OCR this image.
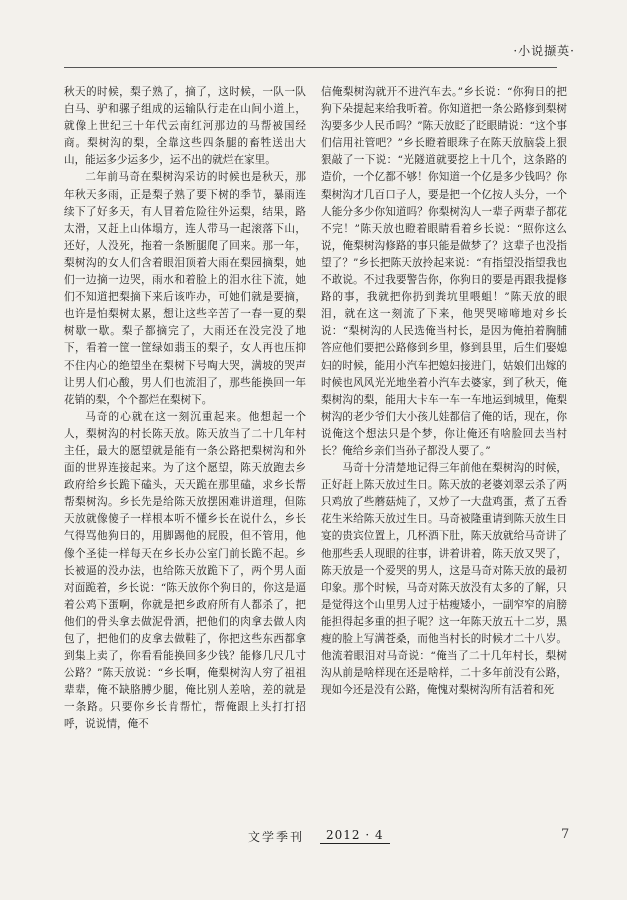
·小说撷英·

秋天的时候，梨子熟了，摘了，这时候，一队一队白马、驴和骡子组成的运输队行走在山间小道上，就像上世纪三十年代云南红河那边的马帮被国经商。梨树沟的梨，全靠这些四条腿的畜牲送出大山，能运多少运多少，运不出的就烂在家里。

二年前马奇在梨树沟采访的时候也是秋天，那年秋天多雨，正是梨子熟了要下树的季节，暴雨连续下了好多天，有人冒着危险往外运梨，结果，路太滑，又赶上山体塌方，连人带马一起滚落下山，还好，人没死，拖着一条断腿爬了回来。那一年，梨树沟的女人们含着眼泪顶着大雨在梨园摘梨，她们一边摘一边哭，雨水和着脸上的泪水往下流，她们不知道把梨摘下来后该咋办，可她们就是要摘，也许是怕梨树太累，想让这些辛苦了一春一夏的梨树歇一歇。梨子都摘完了，大雨还在没完没了地下，看着一筐一筐绿如翡玉的梨子，女人再也压抑不住内心的绝望坐在梨树下号啕大哭，满坡的哭声让男人们心酸，男人们也流泪了，那些能换回一年花销的梨，个个都烂在梨树下。

马奇的心就在这一刻沉重起来。他想起一个人，梨树沟的村长陈天放。陈天放当了二十几年村主任，最大的愿望就是能有一条公路把梨树沟和外面的世界连接起来。为了这个愿望，陈天放跑去乡政府给乡长跪下磕头，天天跪在那里磕，求乡长帮帮梨树沟。乡长先是给陈天放摆困难讲道理，但陈天放就像傻子一样根本听不懂乡长在说什么，乡长气得骂他狗日的，用脚踢他的屁股，但不管用，他像个圣徒一样每天在乡长办公室门前长跪不起。乡长被逼的没办法，也给陈天放跪下了，两个男人面对面跪着，乡长说：“陈天放你个狗日的，你这是逼着公鸡下蛋啊，你就是把乡政府所有人都杀了，把他们的骨头拿去做泥骨洒，把他们的肉拿去做人肉包了，把他们的皮拿去做鞋了，你把这些东西都拿到集上卖了，你看看能换回多少钱？能修几尺几寸公路？”陈天放说：“乡长啊，俺梨树沟人穷了祖祖辈辈，俺不缺胳膊少腿，俺比别人差啥，差的就是一条路。只要你乡长肯帮忙，帮俺跟上头打打招呼，说说情，俺不

信俺梨树沟就开不进汽车去。”乡长说：“你狗日的把狗下朵提起来给我听着。你知道把一条公路修到梨树沟要多少人民币吗？”陈天放眨了眨眼睛说：“这个事们信用社管吧？”乡长瞪着眼珠子在陈天放脑袋上狠狠敲了一下说：“光隧道就要挖上十几个，这条路的造价，一个亿都不够！你知道一个亿是多少钱吗？你梨树沟才几百口子人，要是把一个亿按人头分，一个人能分多少你知道吗？你梨树沟人一辈子两辈子都花不完！”陈天放也瞪着眼睛看着乡长说：“照你这么说，俺梨树沟修路的事只能是做梦了？这辈子也没指望了？”乡长把陈天放拎起来说：“有指望没指望我也不敢说。不过我要警告你，你狗日的要是再跟我提修路的事，我就把你扔到粪坑里喂蛆！”陈天放的眼泪，就在这一刻流了下来，他哭哭啼啼地对乡长说：“梨树沟的人民选俺当村长，是因为俺拍着胸脯答应他们要把公路修到乡里，修到县里，后生们娶媳妇的时候，能用小汽车把媳妇接进门，姑娘们出嫁的时候也风风光光地坐着小汽车去婆家，到了秋天，俺梨树沟的梨，能用大卡车一车一车地运到城里，俺梨树沟的老少爷们大小孩儿娃都信了俺的话，现在，你说俺这个想法只是个梦，你让俺还有啥脸回去当村长？俺给乡亲们当孙子都没人要了。”

马奇十分清楚地记得三年前他在梨树沟的时候，正好赶上陈天放过生日。陈天放的老婆刘翠云杀了两只鸡放了些蘑菇炖了，又炒了一大盘鸡蛋，煮了五香花生米给陈天放过生日。马奇被隆重请到陈天放生日宴的贵宾位置上，几杯酒下肚，陈天放就给马奇讲了他那些丢人现眼的往事，讲着讲着，陈天放又哭了，陈天放是一个爱哭的男人，这是马奇对陈天放的最初印象。那个时候，马奇对陈天放没有太多的了解，只是觉得这个山里男人过于枯瘦矮小，一副窄窄的肩膀能担得起多重的担子呢？这一年陈天放五十二岁，黑瘦的脸上写满苍桑，而他当村长的时候才二十八岁。他流着眼泪对马奇说：“俺当了二十几年村长，梨树沟从前是啥样现在还是啥样，二十多年前没有公路，现如今还是没有公路，俺愧对梨树沟所有活着和死

文学季刊	2012 · 4	7
